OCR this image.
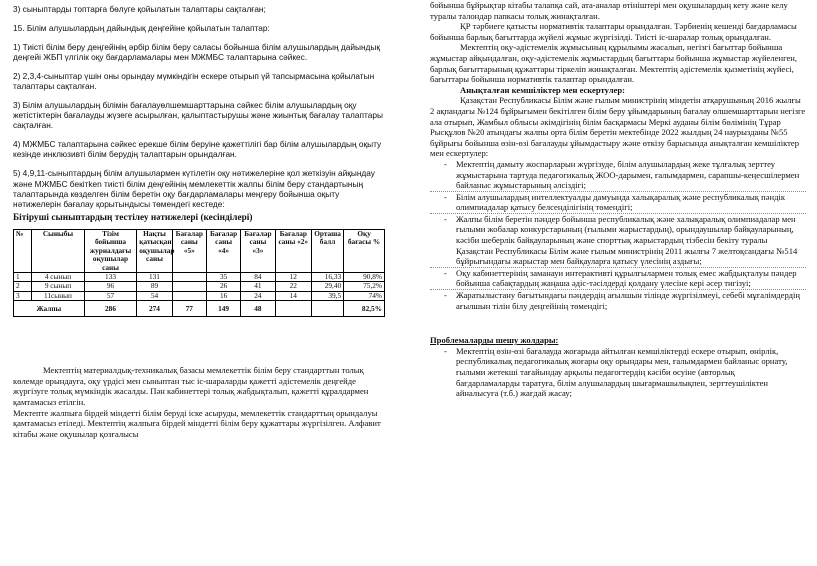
3) сыныптарды топтарға бөлуге қойылатын талаптары сақталған;

15. Білім алушылардың дайындық деңгейіне қойылатын талаптар:

1) Тиісті білім беру деңгейінің әрбір білім беру саласы бойынша білім алушылардың дайындық деңгейі ЖБП үлгілік оқу бағдарламалары мен МЖМБС талаптарына сәйкес.

2) 2,3,4-сыныптар үшін оны орындау мүмкіндігін ескере отырып үй тапсырмасына қойылатын талаптары сақталған.

3) Білім алушылардың білімін бағалауөлшемшарттарына сәйкес білім алушылардың оқу жетістіктерін бағалауды жүзеге асырылған, қалыптастырушы және жиынтық бағалау талаптары сақталған.

4) МЖМБС талаптарына сәйкес ерекше білім беруіне қажеттілігі бар білім алушылардың оқыту кезінде инклюзивті білім берудің талаптарын орындалған.

5) 4,9,11-сыныптардың білім алушылармен күтілетін оқу нәтижелеріне қол жеткізуін айқындау және МЖМБС бекітken тиісті білім деңгейінің мемлекеттік жалпы білім беру стандартының талаптарында көзделген білім беретін оқу бағдарламалары меңгеру бойынша оқыту нәтижелерін бағалау қорытындысы төмендегі кестеде:

Бітіруші сыныптардың тестілеу нәтижелері (кесінділері)

№	Сыныбы	Тізім бойынша журналдағы оқушылар саны	Нақты қатысқан оқушылар саны	Бағалар саны «5»	Бағалар саны «4»	Бағалар саны «3»	Бағалар саны «2»	Орташа балл	Оқу бағасы %
1	4 сынып	133	131		35	84	12	16,33	90,8%
2	9 сынып	96	89		26	41	22	29,40	75,2%
3	11сынып	57	54		16	24	14	39,5	74%
Жалпы		286	274	77	149	48			82,5%

Мектептің материалдық-техникалық базасы мемлекеттік білім беру стандарттын толық көлемде орындауға, оқу үрдісі мен сыныптан тыс іс-шараларды қажетті әдістемелік деңгейде жүргізуге толық мүмкіндік жасалды. Пән кабинеттері толық жабдықталып, қажетті құралдармен қамтамасыз етілгін.

Мектепте жалпыға бірдей міндетті білім беруді іске асыруды, мемлекеттік стандарттың орындалуы қамтамасыз етіледі. Мектептің жалпыға бірдей міндетті білім беру құжаттары жүргізілген. Алфавит кітабы және оқушылар қозғалысы

бойынша бұйрықтар кітабы талапқа сай, ата-аналар өтініштері мен оқушылардың кету және келу туралы талондар папкасы толық жинақталған.

ҚР тәрбиеге қатысты нормативтік талаптары орындалған. Тәрбиенің кешенді бағдарламасы бойынша барлық бағыттарда жүйелі жұмыс жүргізілді. Тиісті іс-шаралар толық орындалған.

Мектептің оқу-әдістемелік жұмысының құрылымы жасалып, негізгі бағыттар бойынша жұмыстар айқындалған, оқу-әдістемелік жұмыстардың бағыттары бойынша жұмыстар жүйеленген, барлық бағыттарының құжаттары тіркеліп жинақталған. Мектептің әдістемелік қызметінің жүйесі, бағыттары бойынша нормативтік талаптар орындалған.

Анықталған кемшіліктер мен ескертулер:

Қазақстан Республикасы Білім және ғылым министрінің міндетін атқарушының 2016 жылғы 2 ақпандағы №124 бұйрығымен бекітілген білім беру ұйымдарының бағалау өлшемшарттарын негізге ала отырып, Жамбыл облысы әкімдігінің білім басқармасы Меркі ауданы білім бөлімінің Тұрар Рысқұлов №20 атындағы жалпы орта білім беретін мектебінде 2022 жылдың 24 наурызданы №55 бұйрығы бойынша өзін-өзі бағалауды ұйымдастыру және өткізу барысында анықталған кемшіліктер мен ескертулер:

- Мектептің дамыту жоспарларын жүргізуде, білім алушылардың жеке тұлғалық зерттеу жұмыстарына тартуда педагогикалық ЖОО-дарымен, ғалымдармен, сарапшы-кеңесшілермен байланыс жұмыстарының әлсіздігі;
- Білім алушылардың интеллектуалды дамуында халықаралық және республикалық пәндік олимпиадалар қатысу белсенділігінің төмендігі;
- Жалпы білім беретін пәндер бойынша республикалық және халықаралық олимпиадалар мен ғылыми жобалар конкурстарының (ғылыми жарыстардың), орындаушылар байқауларының, кәсіби шеберлік байқауларының және спорттық жарыстардың тізбесін бекіту туралы Қазақстан Республикасы Білім және ғылым министрінің 2011 жылғы 7 желтоқсандағы №514 бұйрығындағы жарыстар мен байқауларға қатысу үлесінің аздығы;
- Оқу кабинеттерінің заманауи интерактивті құрылғылармен толық емес жабдықталуы пәндер бойынша сабақтардың жаңаша әдіс-тәсілдерді қолдану үлесіне кері әсер тигізуі;
- Жаратылыстану бағытындағы пәндердің ағылшын тілінде жүргізілмеуі, себебі мұғалімдердің ағылшын тілін білу деңгейінің төмендігі;

Проблемаларды шешу жолдары:

- Мектептің өзін-өзі бағалауда жоғарыда айтылған кемшіліктерді ескере отырып, өнірлік, республикалық педагогикалық жоғары оқу орындары мен, ғалымдармен байланыс орнату, ғылыми жетекші тағайындау арқылы педагогтердің кәсіби өсуіне (авторлық бағдарламаларды таратуға, білім алушылардың шығармашылықпен, зерттеушіліктен айналысуға (т.б.) жағдай жасау;
